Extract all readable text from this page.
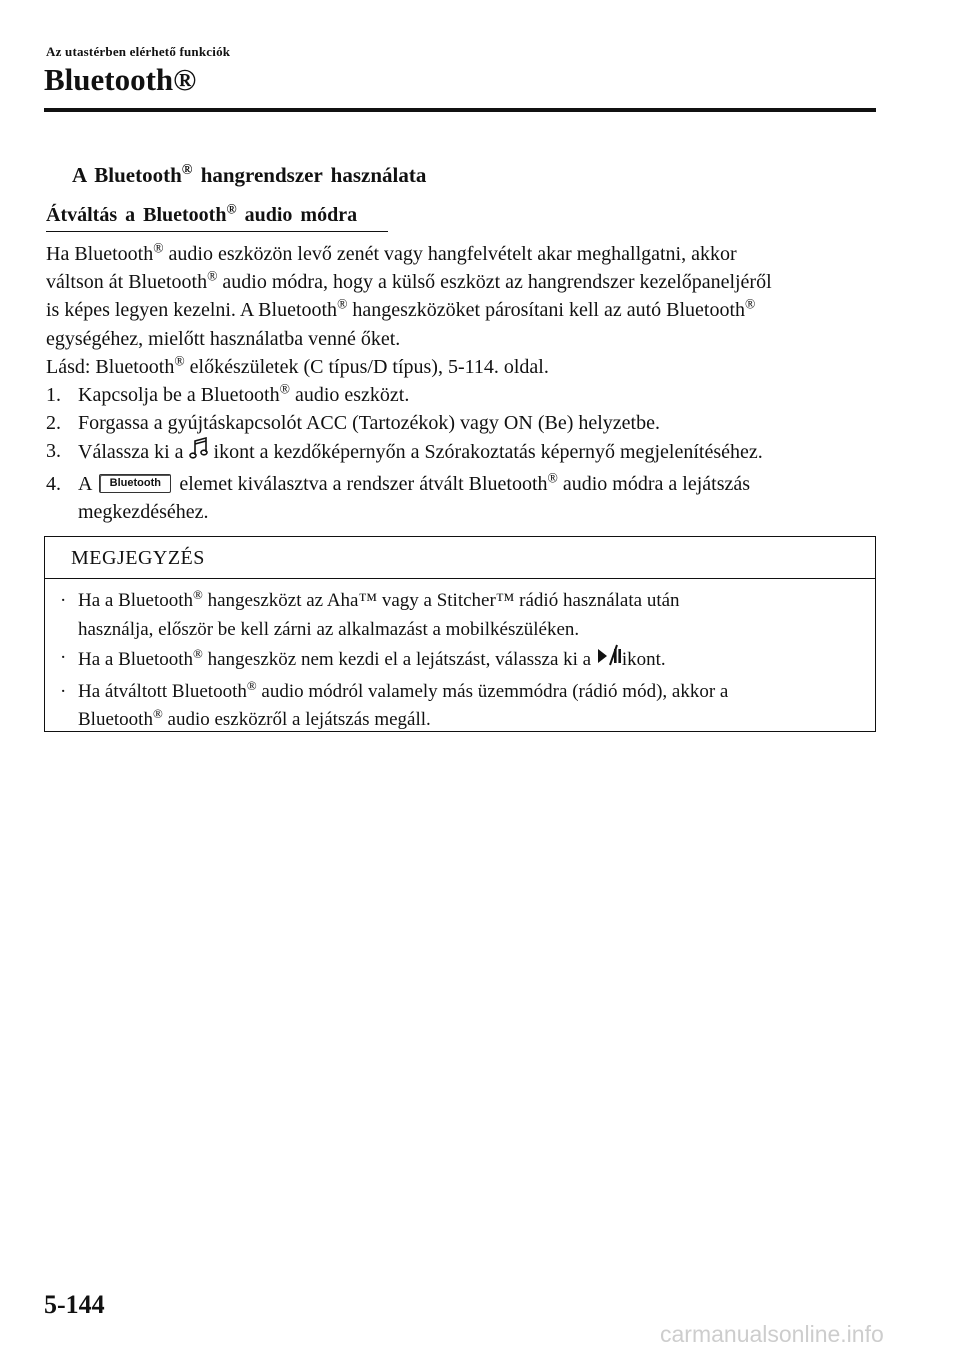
Az utastérben elérhető funkciók
Bluetooth®
A Bluetooth® hangrendszer használata
Átváltás a Bluetooth® audio módra

Ha Bluetooth® audio eszközön levő zenét vagy hangfelvételt akar meghallgatni, akkor

váltson át Bluetooth® audio módra, hogy a külső eszközt az hangrendszer kezelőpaneljéről

is képes legyen kezelni. A Bluetooth® hangeszközöket párosítani kell az autó Bluetooth®

egységéhez, mielőtt használatba venné őket.

Lásd: Bluetooth® előkészületek (C típus/D típus), 5-114. oldal.

1. Kapcsolja be a Bluetooth® audio eszközt.

2. Forgassa a gyújtáskapcsolót ACC (Tartozékok) vagy ON (Be) helyzetbe.

3. Válassza ki a  ikont a kezdőképernyőn a Szórakoztatás képernyő megjelenítéséhez.

4. A Bluetooth elemet kiválasztva a rendszer átvált Bluetooth® audio módra a lejátszás

megkezdéséhez.

MEGJEGYZÉS

· Ha a Bluetooth® hangeszközt az Aha™ vagy a Stitcher™ rádió használata után

használja, először be kell zárni az alkalmazást a mobilkészüléken.

· Ha a Bluetooth® hangeszköz nem kezdi el a lejátszást, válassza ki a ikont.

· Ha átváltott Bluetooth® audio módról valamely más üzemmódra (rádió mód), akkor a

Bluetooth® audio eszközről a lejátszás megáll.

5-144
carmanualsonline.info
